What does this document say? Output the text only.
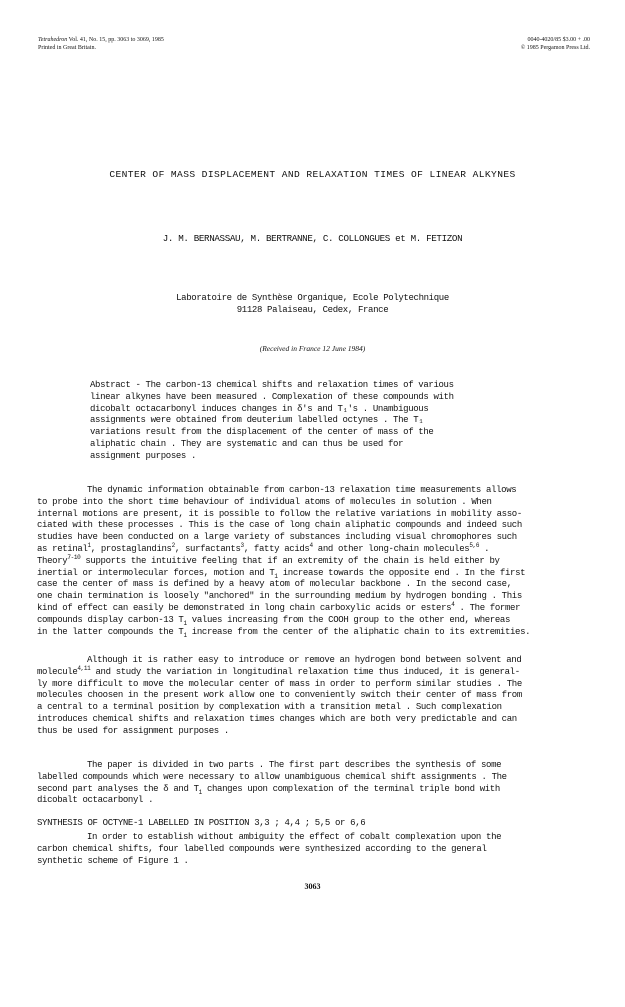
Tetrahedron Vol. 41, No. 15, pp. 3063 to 3069, 1985
Printed in Great Britain.
0040-4020/85 $3.00 + .00
© 1985 Pergamon Press Ltd.
CENTER OF MASS DISPLACEMENT AND RELAXATION TIMES OF LINEAR ALKYNES
J. M. BERNASSAU, M. BERTRANNE, C. COLLONGUES et M. FETIZON
Laboratoire de Synthèse Organique, Ecole Polytechnique
91128 Palaiseau, Cedex, France
(Received in France 12 June 1984)
Abstract - The carbon-13 chemical shifts and relaxation times of various
linear alkynes have been measured . Complexation of these compounds with
dicobalt octacarbonyl induces changes in δ's and T₁'s . Unambiguous
assignments were obtained from deuterium labelled octynes . The T₁
variations result from the displacement of the center of mass of the
aliphatic chain . They are systematic and can thus be used for
assignment purposes .
The dynamic information obtainable from carbon-13 relaxation time measurements allows
to probe into the short time behaviour of individual atoms of molecules in solution . When
internal motions are present, it is possible to follow the relative variations in mobility asso-
ciated with these processes . This is the case of long chain aliphatic compounds and indeed such
studies have been conducted on a large variety of substances including visual chromophores such
as retinal$^1$, prostaglandins$^2$, surfactants$^3$, fatty acids$^4$ and other long-chain molecules$^{5,6}$ .
Theory$^{7-10}$ supports the intuitive feeling that if an extremity of the chain is held either by
inertial or intermolecular forces, motion and $T_1$ increase towards the opposite end . In the first
case the center of mass is defined by a heavy atom of molecular backbone . In the second case,
one chain termination is loosely "anchored" in the surrounding medium by hydrogen bonding . This
kind of effect can easily be demonstrated in long chain carboxylic acids or esters$^4$ . The former
compounds display carbon-13 $T_1$ values increasing from the COOH group to the other end, whereas
in the latter compounds the $T_1$ increase from the center of the aliphatic chain to its extremities.
Although it is rather easy to introduce or remove an hydrogen bond between solvent and
molecule$^{4,11}$ and study the variation in longitudinal relaxation time thus induced, it is general-
ly more difficult to move the molecular center of mass in order to perform similar studies . The
molecules choosen in the present work allow one to conveniently switch their center of mass from
a central to a terminal position by complexation with a transition metal . Such complexation
introduces chemical shifts and relaxation times changes which are both very predictable and can
thus be used for assignment purposes .
The paper is divided in two parts . The first part describes the synthesis of some
labelled compounds which were necessary to allow unambiguous chemical shift assignments . The
second part analyses the δ and $T_1$ changes upon complexation of the terminal triple bond with
dicobalt octacarbonyl .
SYNTHESIS OF OCTYNE-1 LABELLED IN POSITION 3,3 ; 4,4 ; 5,5 or 6,6
In order to establish without ambiguity the effect of cobalt complexation upon the
carbon chemical shifts, four labelled compounds were synthesized according to the general
synthetic scheme of Figure 1 .
3063
